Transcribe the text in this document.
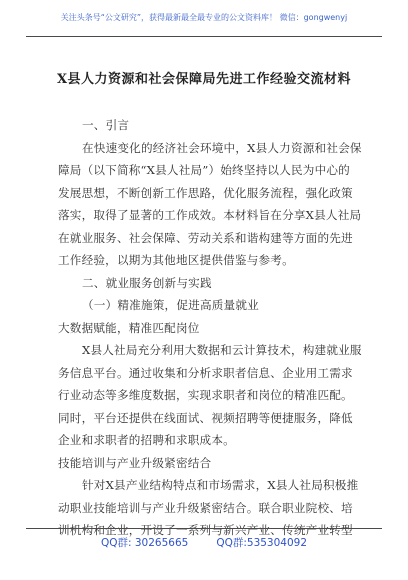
关注头条号“公文研究”，获得最新最全最专业的公文资料库！ 微信：gongwenyj
X县人力资源和社会保障局先进工作经验交流材料

一、引言

在快速变化的经济社会环境中，X县人力资源和社会保

障局（以下简称“X县人社局”）始终坚持以人民为中心的

发展思想，不断创新工作思路，优化服务流程，强化政策

落实，取得了显著的工作成效。本材料旨在分享X县人社局

在就业服务、社会保障、劳动关系和谐构建等方面的先进

工作经验，以期为其他地区提供借鉴与参考。

二、就业服务创新与实践

（一）精准施策，促进高质量就业

大数据赋能，精准匹配岗位

X县人社局充分利用大数据和云计算技术，构建就业服

务信息平台。通过收集和分析求职者信息、企业用工需求

行业动态等多维度数据，实现求职者和岗位的精准匹配。

同时，平台还提供在线面试、视频招聘等便捷服务，降低

企业和求职者的招聘和求职成本。

技能培训与产业升级紧密结合

针对X县产业结构特点和市场需求，X县人社局积极推

动职业技能培训与产业升级紧密结合。联合职业院校、培

训机构和企业，开设了一系列与新兴产业、传统产业转型

QQ群: 30265665	QQ群:535304092
